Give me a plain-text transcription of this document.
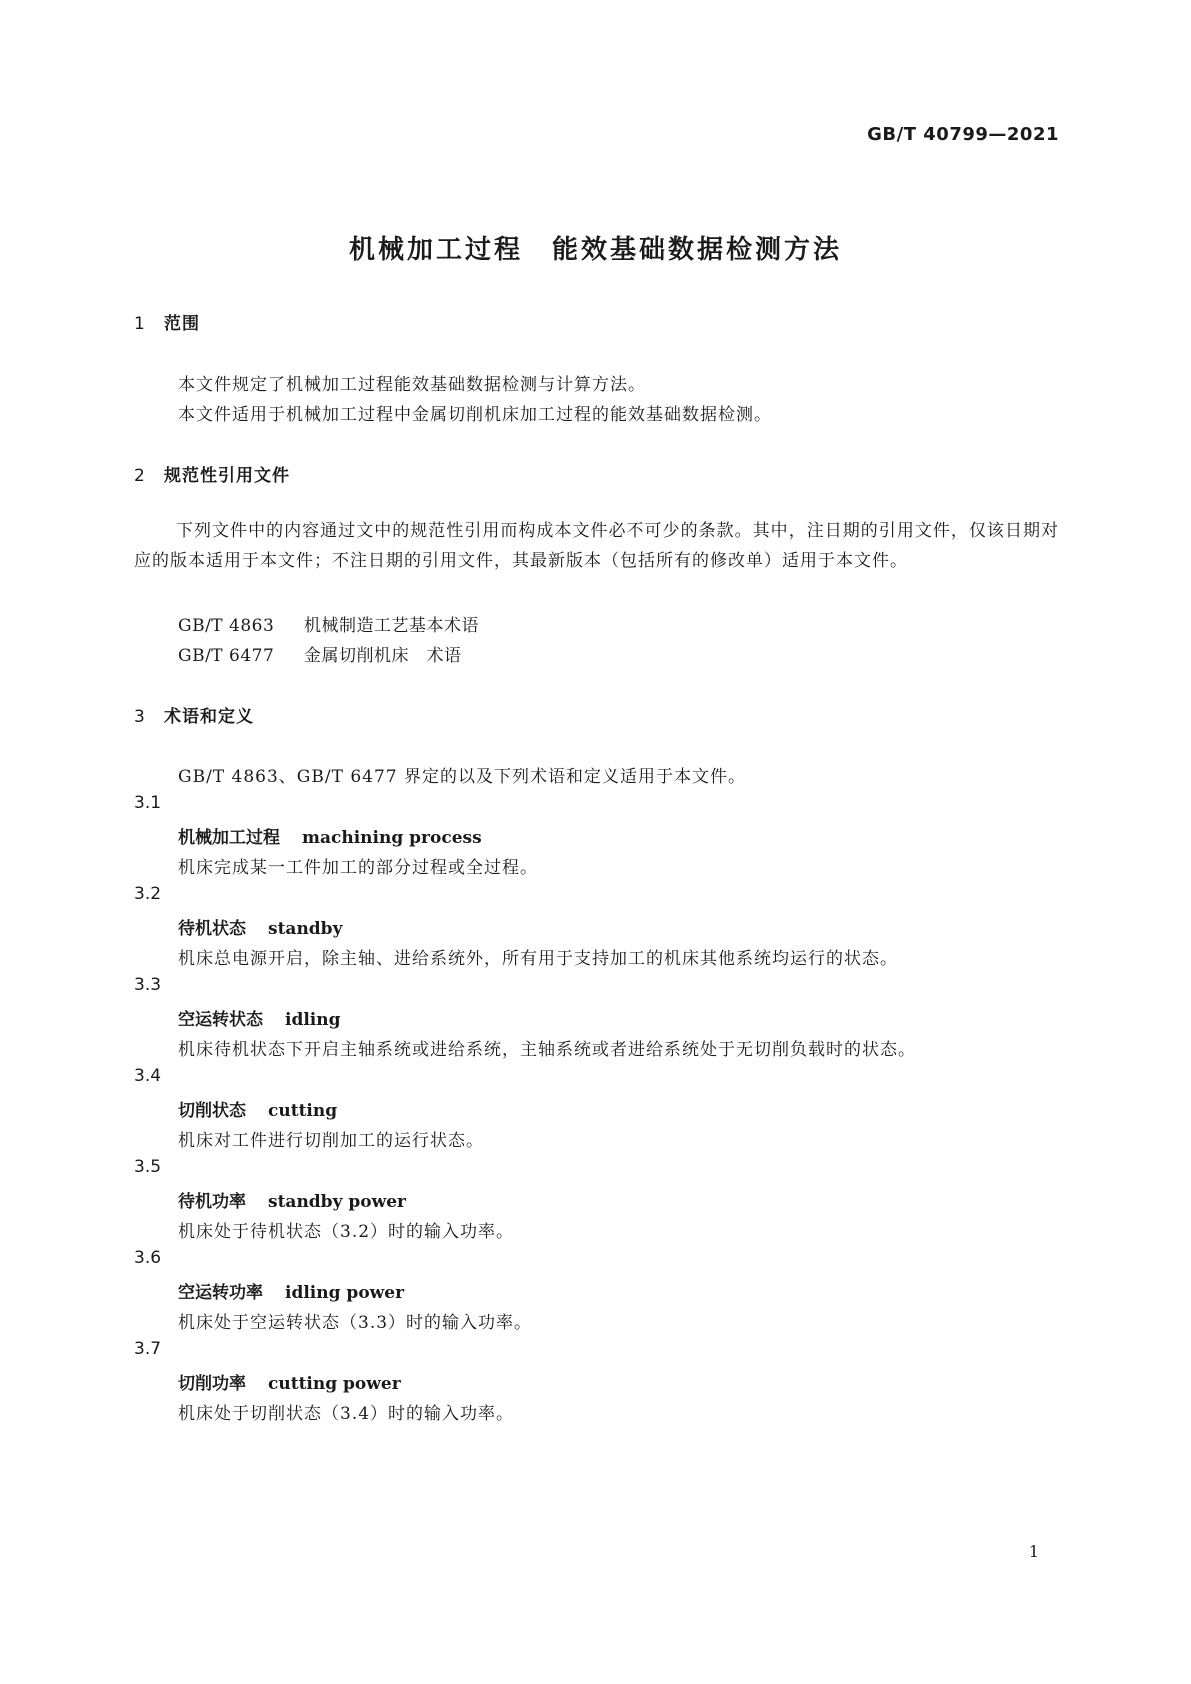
GB/T 40799—2021
机械加工过程　能效基础数据检测方法
1 范围
本文件规定了机械加工过程能效基础数据检测与计算方法。
本文件适用于机械加工过程中金属切削机床加工过程的能效基础数据检测。
2 规范性引用文件
下列文件中的内容通过文中的规范性引用而构成本文件必不可少的条款。其中，注日期的引用文件，仅该日期对应的版本适用于本文件；不注日期的引用文件，其最新版本（包括所有的修改单）适用于本文件。
GB/T 4863 机械制造工艺基本术语
GB/T 6477 金属切削机床　术语
3 术语和定义
GB/T 4863、GB/T 6477 界定的以及下列术语和定义适用于本文件。
3.1
机械加工过程 machining process
机床完成某一工件加工的部分过程或全过程。
3.2
待机状态 standby
机床总电源开启，除主轴、进给系统外，所有用于支持加工的机床其他系统均运行的状态。
3.3
空运转状态 idling
机床待机状态下开启主轴系统或进给系统，主轴系统或者进给系统处于无切削负载时的状态。
3.4
切削状态 cutting
机床对工件进行切削加工的运行状态。
3.5
待机功率 standby power
机床处于待机状态（3.2）时的输入功率。
3.6
空运转功率 idling power
机床处于空运转状态（3.3）时的输入功率。
3.7
切削功率 cutting power
机床处于切削状态（3.4）时的输入功率。
1
